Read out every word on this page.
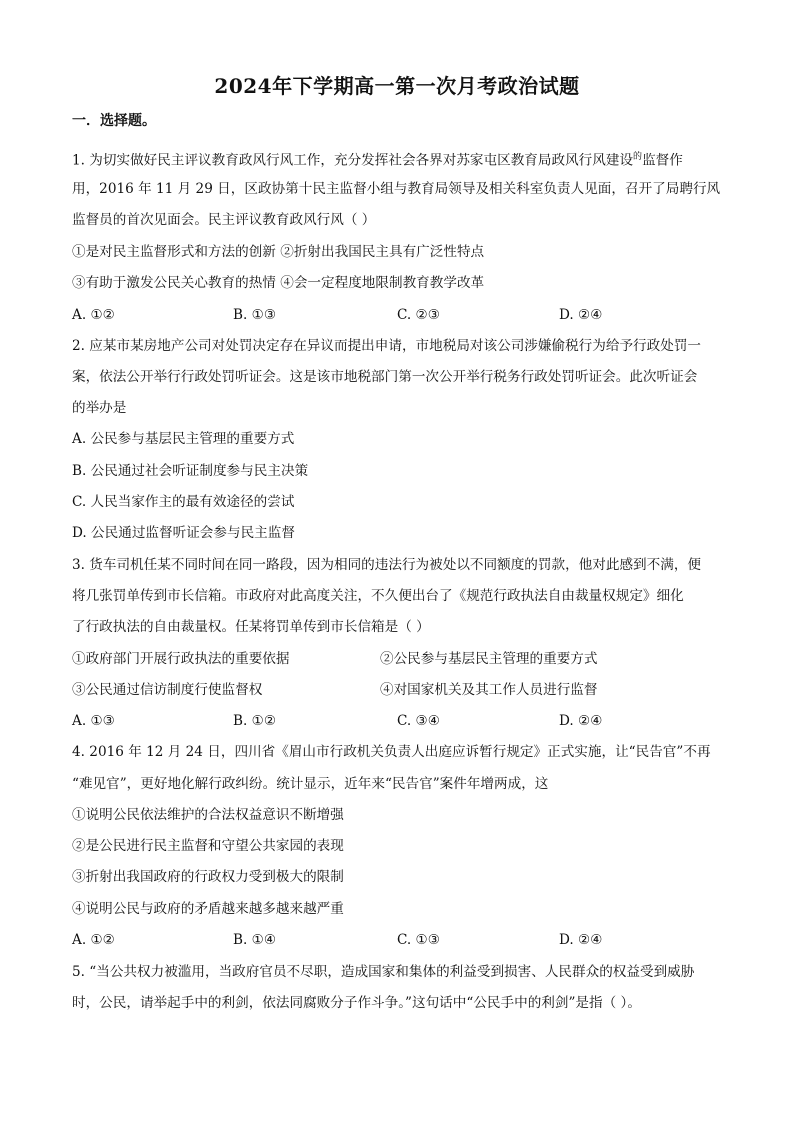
2024年下学期高一第一次月考政治试题
一．选择题。
1. 为切实做好民主评议教育政风行风工作，充分发挥社会各界对苏家屯区教育局政风行风建设$^的$监督作
用，2016 年 11 月 29 日，区政协第十民主监督小组与教育局领导及相关科室负责人见面，召开了局聘行风
监督员的首次见面会。民主评议教育政风行风（ ）
①是对民主监督形式和方法的创新 ②折射出我国民主具有广泛性特点
③有助于激发公民关心教育的热情 ④会一定程度地限制教育教学改革
A. ①②	B. ①③	C. ②③	D. ②④
2. 应某市某房地产公司对处罚决定存在异议而提出申请，市地税局对该公司涉嫌偷税行为给予行政处罚一
案，依法公开举行行政处罚听证会。这是该市地税部门第一次公开举行税务行政处罚听证会。此次听证会
的举办是
A. 公民参与基层民主管理的重要方式
B. 公民通过社会听证制度参与民主决策
C. 人民当家作主的最有效途径的尝试
D. 公民通过监督听证会参与民主监督
3. 货车司机任某不同时间在同一路段，因为相同的违法行为被处以不同额度的罚款，他对此感到不满，便
将几张罚单传到市长信箱。市政府对此高度关注，不久便出台了《规范行政执法自由裁量权规定》细化
了行政执法的自由裁量权。任某将罚单传到市长信箱是（ ）
①政府部门开展行政执法的重要依据	②公民参与基层民主管理的重要方式
③公民通过信访制度行使监督权	④对国家机关及其工作人员进行监督
A. ①③	B. ①②	C. ③④	D. ②④
4. 2016 年 12 月 24 日，四川省《眉山市行政机关负责人出庭应诉暂行规定》正式实施，让“民告官”不再
“难见官”，更好地化解行政纠纷。统计显示，近年来“民告官”案件年增两成，这
①说明公民依法维护的合法权益意识不断增强
②是公民进行民主监督和守望公共家园的表现
③折射出我国政府的行政权力受到极大的限制
④说明公民与政府的矛盾越来越多越来越严重
A. ①②	B. ①④	C. ①③	D. ②④
5. “当公共权力被滥用，当政府官员不尽职，造成国家和集体的利益受到损害、人民群众的权益受到威胁
时，公民，请举起手中的利剑，依法同腐败分子作斗争。”这句话中“公民手中的利剑”是指（ ）。
